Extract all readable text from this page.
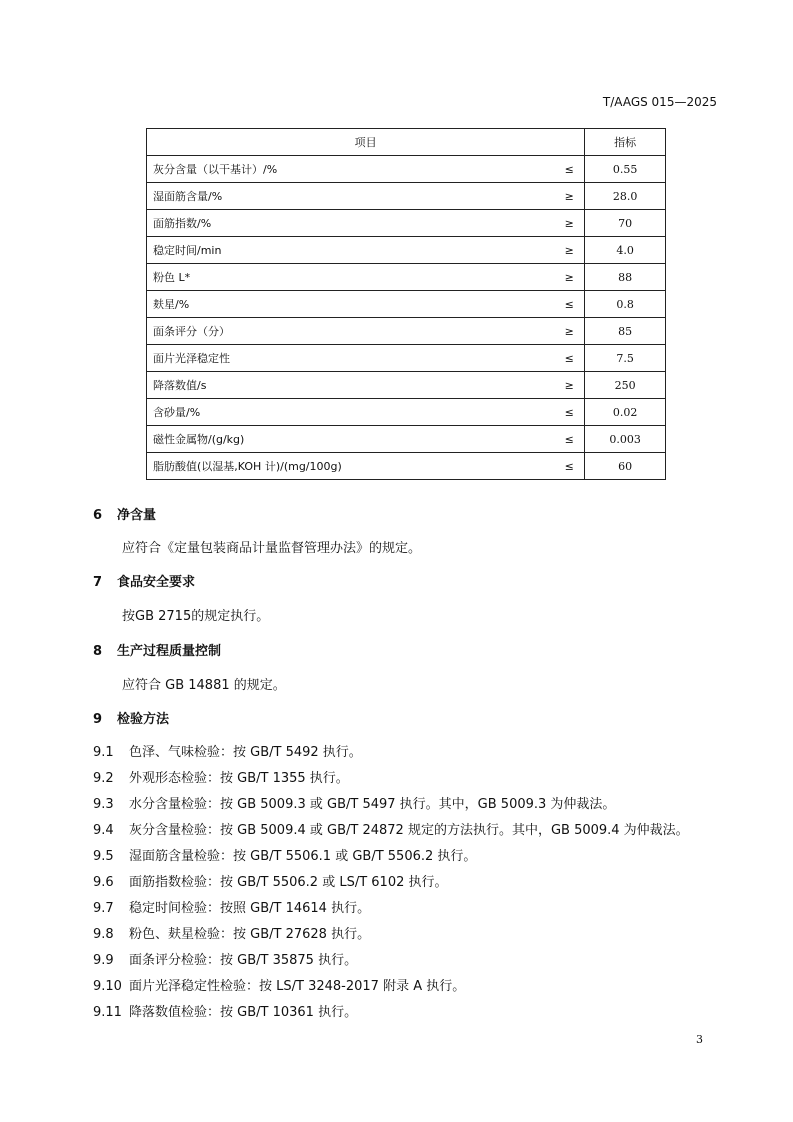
T/AAGS 015—2025
项目		指标
灰分含量（以干基计）/%	≤	0.55
湿面筋含量/%	≥	28.0
面筋指数/%	≥	70
稳定时间/min	≥	4.0
粉色 L*	≥	88
麸星/%	≤	0.8
面条评分（分）	≥	85
面片光泽稳定性	≤	7.5
降落数值/s	≥	250
含砂量/%	≤	0.02
磁性金属物/(g/kg)	≤	0.003
脂肪酸值(以湿基,KOH 计)/(mg/100g)	≤	60
6 净含量
应符合《定量包装商品计量监督管理办法》的规定。
7 食品安全要求
按GB 2715的规定执行。
8 生产过程质量控制
应符合 GB 14881 的规定。
9 检验方法
9.1 色泽、气味检验：按 GB/T 5492 执行。
9.2 外观形态检验：按 GB/T 1355 执行。
9.3 水分含量检验：按 GB 5009.3 或 GB/T 5497 执行。其中，GB 5009.3 为仲裁法。
9.4 灰分含量检验：按 GB 5009.4 或 GB/T 24872 规定的方法执行。其中，GB 5009.4 为仲裁法。
9.5 湿面筋含量检验：按 GB/T 5506.1 或 GB/T 5506.2 执行。
9.6 面筋指数检验：按 GB/T 5506.2 或 LS/T 6102 执行。
9.7 稳定时间检验：按照 GB/T 14614 执行。
9.8 粉色、麸星检验：按 GB/T 27628 执行。
9.9 面条评分检验：按 GB/T 35875 执行。
9.10 面片光泽稳定性检验：按 LS/T 3248-2017 附录 A 执行。
9.11 降落数值检验：按 GB/T 10361 执行。
3
